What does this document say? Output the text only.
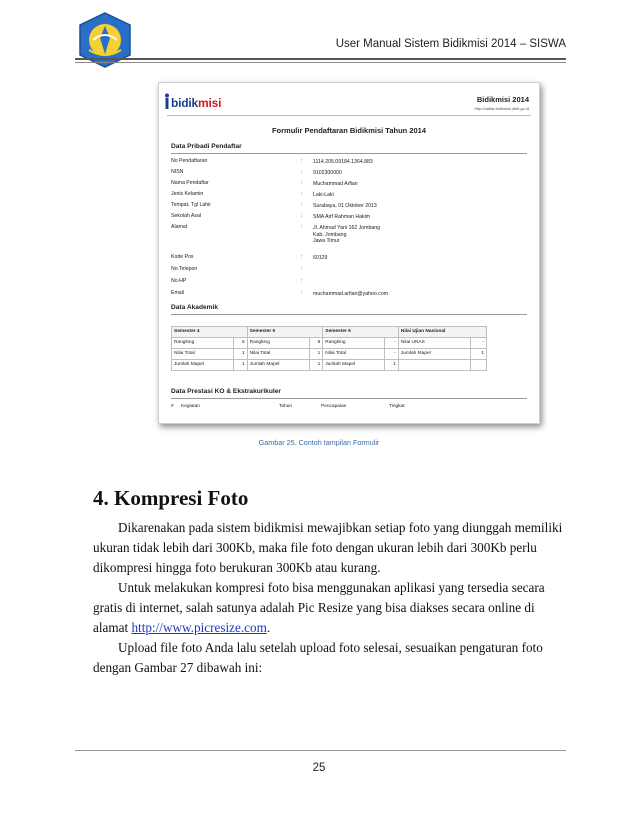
User Manual Sistem Bidikmisi 2014 – SISWA
bidikmisi	Bidikmisi 2014
http://daftar.bidikmisi.dikti.go.id
Formulir Pendaftaran Bidikmisi Tahun 2014
Data Pribadi Pendaftar
No Pendaftaran	: 1114.205.09184.1364.883
NISN	: 9102300000
Nama Pendaftar	: Muchammad Arfian
Jenis Kelamin	: Laki-Laki
Tempat, Tgl Lahir	: Surabaya, 01 Oktober 2013
Sekolah Asal	: SMA Arif Rahman Hakim
Alamat	: Jl. Ahmad Yani 162 Jombang
Kab. Jombang
Jawa Timur
Kode Pos	: 60129
No.Telepon	:
No.HP	:
Email	: muchammad.arfian@yahoo.com
Data Akademik
Semester 4		Semester 5		Semester 6		Nilai Ujian Nasional	
Rangking	6	Rangking	6	Rangking	-	Nilai UNAS	-
Nilai Total	1	Nilai Total	1	Nilai Total	-	Jumlah Mapel	1
Jumlah Mapel	1	Jumlah Mapel	1	Jumlah Mapel	1		
Data Prestasi KO & Ekstrakurikuler
# Kegiatan	Tahun	Pencapaian	Tingkat
Gambar 25. Contoh tampilan Formulir
4. Kompresi Foto
Dikarenakan pada sistem bidikmisi mewajibkan setiap foto yang diunggah memiliki ukuran tidak lebih dari 300Kb, maka file foto dengan ukuran lebih dari 300Kb perlu dikompresi hingga foto berukuran 300Kb atau kurang.
Untuk melakukan kompresi foto bisa menggunakan aplikasi yang tersedia secara gratis di internet, salah satunya adalah Pic Resize yang bisa diakses secara online di alamat http://www.picresize.com.
Upload file foto Anda lalu setelah upload foto selesai, sesuaikan pengaturan foto dengan Gambar 27 dibawah ini:
25
